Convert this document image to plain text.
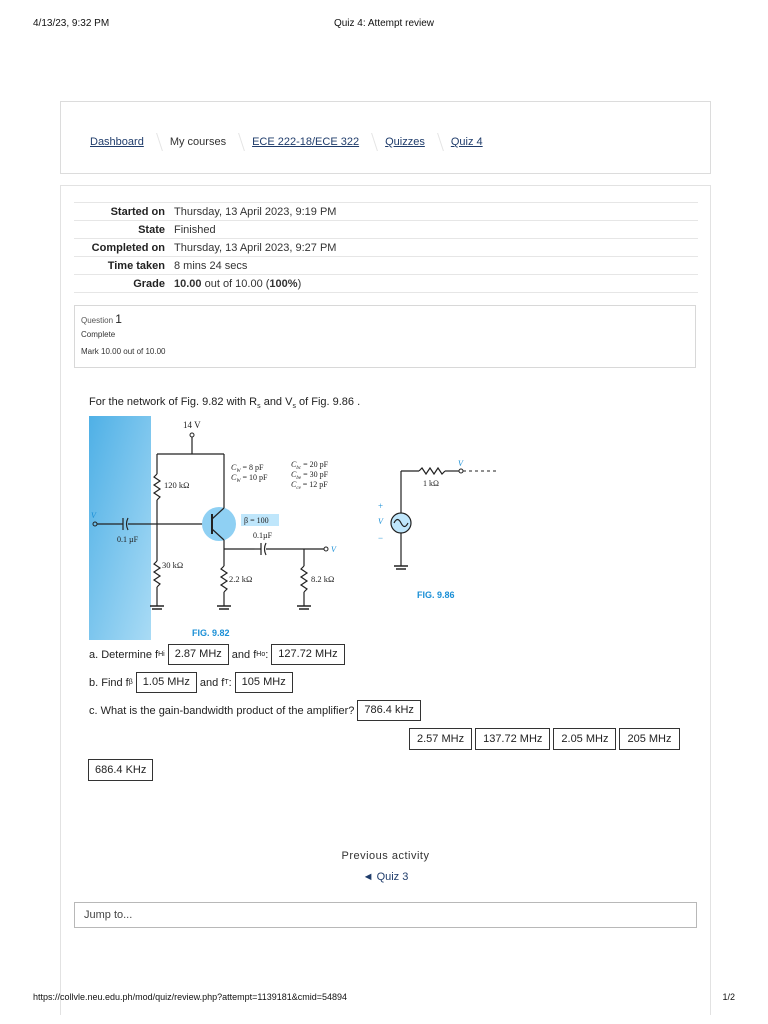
4/13/23, 9:32 PM	Quiz 4: Attempt review
Dashboard My courses ECE 222-18/ECE 322 Quizzes Quiz 4
Started on	Thursday, 13 April 2023, 9:19 PM
State	Finished
Completed on	Thursday, 13 April 2023, 9:27 PM
Time taken	8 mins 24 secs
Grade	10.00 out of 10.00 (100%)
Question 1
Complete
Mark 10.00 out of 10.00
For the network of Fig. 9.82 with $R_s$ and $V_s$ of Fig. 9.86 .
14 V
120 kΩ
V
0.1 µF
30 kΩ
β = 100
2.2 kΩ
0.1µF
V
8.2 kΩ
$C_W = 8$ pF
$C_W = 10$ pF
$C_{bc} = 20$ pF
$C_{be} = 30$ pF
$C_{ce} = 12$ pF
FIG. 9.82
V
1 kΩ
+
V
−
FIG. 9.86
a. Determine f Hi 2.87 MHz and f Ho : 127.72 MHz
b. Find f β 1.05 MHz and f T : 105 MHz
c. What is the gain-bandwidth product of the amplifier? 786.4 kHz
2.57 MHz	137.72 MHz	2.05 MHz	205 MHz
686.4 KHz
Previous activity
◄ Quiz 3
Jump to...
https://collvle.neu.edu.ph/mod/quiz/review.php?attempt=1139181&cmid=54894	1/2
